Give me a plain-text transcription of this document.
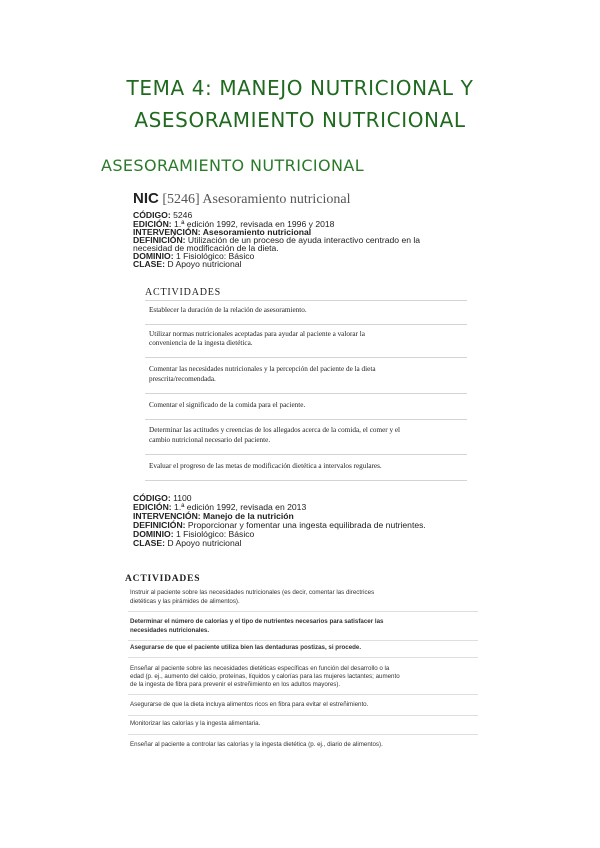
TEMA 4: MANEJO NUTRICIONAL Y
ASESORAMIENTO NUTRICIONAL
ASESORAMIENTO NUTRICIONAL
NIC [5246] Asesoramiento nutricional
CÓDIGO: 5246
EDICIÓN: 1.ª edición 1992, revisada en 1996 y 2018
INTERVENCIÓN: Asesoramiento nutricional
DEFINICIÓN: Utilización de un proceso de ayuda interactivo centrado en la
necesidad de modificación de la dieta.
DOMINIO: 1 Fisiológico: Básico
CLASE: D Apoyo nutricional
ACTIVIDADES
Establecer la duración de la relación de asesoramiento.
Utilizar normas nutricionales aceptadas para ayudar al paciente a valorar la
conveniencia de la ingesta dietética.
Comentar las necesidades nutricionales y la percepción del paciente de la dieta
prescrita/recomendada.
Comentar el significado de la comida para el paciente.
Determinar las actitudes y creencias de los allegados acerca de la comida, el comer y el
cambio nutricional necesario del paciente.
Evaluar el progreso de las metas de modificación dietética a intervalos regulares.
CÓDIGO: 1100
EDICIÓN: 1.ª edición 1992, revisada en 2013
INTERVENCIÓN: Manejo de la nutrición
DEFINICIÓN: Proporcionar y fomentar una ingesta equilibrada de nutrientes.
DOMINIO: 1 Fisiológico: Básico
CLASE: D Apoyo nutricional
ACTIVIDADES
Instruir al paciente sobre las necesidades nutricionales (es decir, comentar las directrices
dietéticas y las pirámides de alimentos).
Determinar el número de calorías y el tipo de nutrientes necesarios para satisfacer las
necesidades nutricionales.
Asegurarse de que el paciente utiliza bien las dentaduras postizas, si procede.
Enseñar al paciente sobre las necesidades dietéticas específicas en función del desarrollo o la
edad (p. ej., aumento del calcio, proteínas, líquidos y calorías para las mujeres lactantes; aumento
de la ingesta de fibra para prevenir el estreñimiento en los adultos mayores).
Asegurarse de que la dieta incluya alimentos ricos en fibra para evitar el estreñimiento.
Monitorizar las calorías y la ingesta alimentaria.
Enseñar al paciente a controlar las calorías y la ingesta dietética (p. ej., diario de alimentos).
